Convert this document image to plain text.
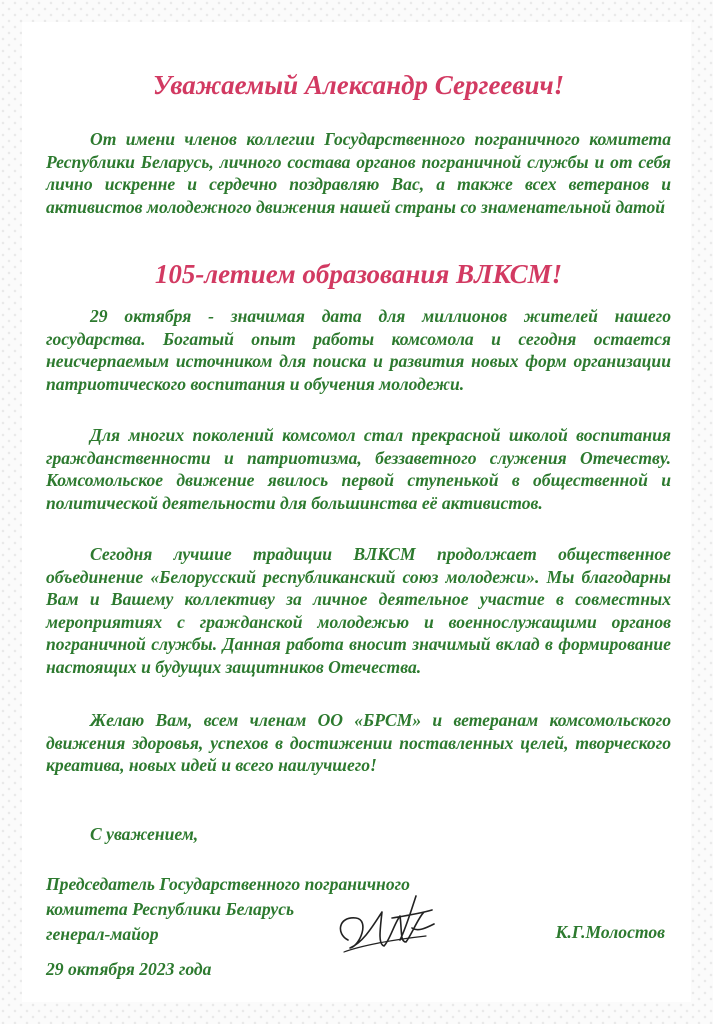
Уважаемый Александр Сергеевич!

От имени членов коллегии Государственного пограничного комитета Республики Беларусь, личного состава органов пограничной службы и от себя лично искренне и сердечно поздравляю Вас, а также всех ветеранов и активистов молодежного движения нашей страны со знаменательной датой

105-летием образования ВЛКСМ!

29 октября - значимая дата для миллионов жителей нашего государства. Богатый опыт работы комсомола и сегодня остается неисчерпаемым источником для поиска и развития новых форм организации патриотического воспитания и обучения молодежи.

Для многих поколений комсомол стал прекрасной школой воспитания гражданственности и патриотизма, беззаветного служения Отечеству. Комсомольское движение явилось первой ступенькой в общественной и политической деятельности для большинства её активистов.

Сегодня лучшие традиции ВЛКСМ продолжает общественное объединение «Белорусский республиканский союз молодежи». Мы благодарны Вам и Вашему коллективу за личное деятельное участие в совместных мероприятиях с гражданской молодежью и военнослужащими органов пограничной службы. Данная работа вносит значимый вклад в формирование настоящих и будущих защитников Отечества.

Желаю Вам, всем членам ОО «БРСМ» и ветеранам комсомольского движения здоровья, успехов в достижении поставленных целей, творческого креатива, новых идей и всего наилучшего!

С уважением,

Председатель Государственного пограничного
комитета Республики Беларусь
генерал-майор	К.Г.Молостов
29 октября 2023 года
